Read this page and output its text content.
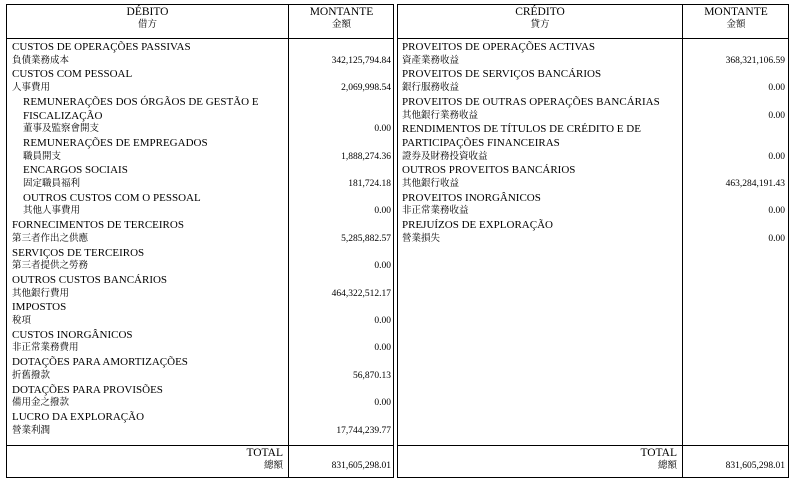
DÉBITO
借方
MONTANTE
金額
CRÉDITO
貸方
MONTANTE
金額
CUSTOS DE OPERAÇÕES PASSIVAS
負債業務成本	342,125,794.84
CUSTOS COM PESSOAL
人事費用	2,069,998.54
REMUNERAÇÕES DOS ÓRGÃOS DE GESTÃO E
FISCALIZAÇÃO
董事及監察會開支	0.00
REMUNERAÇÕES DE EMPREGADOS
職員開支	1,888,274.36
ENCARGOS SOCIAIS
固定職員福利	181,724.18
OUTROS CUSTOS COM O PESSOAL
其他人事費用	0.00
FORNECIMENTOS DE TERCEIROS
第三者作出之供應	5,285,882.57
SERVIÇOS DE TERCEIROS
第三者提供之勞務	0.00
OUTROS CUSTOS BANCÁRIOS
其他銀行費用	464,322,512.17
IMPOSTOS
稅項	0.00
CUSTOS INORGÂNICOS
非正常業務費用	0.00
DOTAÇÕES PARA AMORTIZAÇÕES
折舊撥款	56,870.13
DOTAÇÕES PARA PROVISÕES
備用金之撥款	0.00
LUCRO DA EXPLORAÇÃO
營業利潤	17,744,239.77
PROVEITOS DE OPERAÇÕES ACTIVAS
資產業務收益	368,321,106.59
PROVEITOS DE SERVIÇOS BANCÁRIOS
銀行服務收益	0.00
PROVEITOS DE OUTRAS OPERAÇÕES BANCÁRIAS
其他銀行業務收益	0.00
RENDIMENTOS DE TÍTULOS DE CRÉDITO E DE
PARTICIPAÇÕES FINANCEIRAS
證券及財務投資收益	0.00
OUTROS PROVEITOS BANCÁRIOS
其他銀行收益	463,284,191.43
PROVEITOS INORGÂNICOS
非正常業務收益	0.00
PREJUÍZOS DE EXPLORAÇÃO
營業損失	0.00
TOTAL
總額	831,605,298.01
TOTAL
總額	831,605,298.01
